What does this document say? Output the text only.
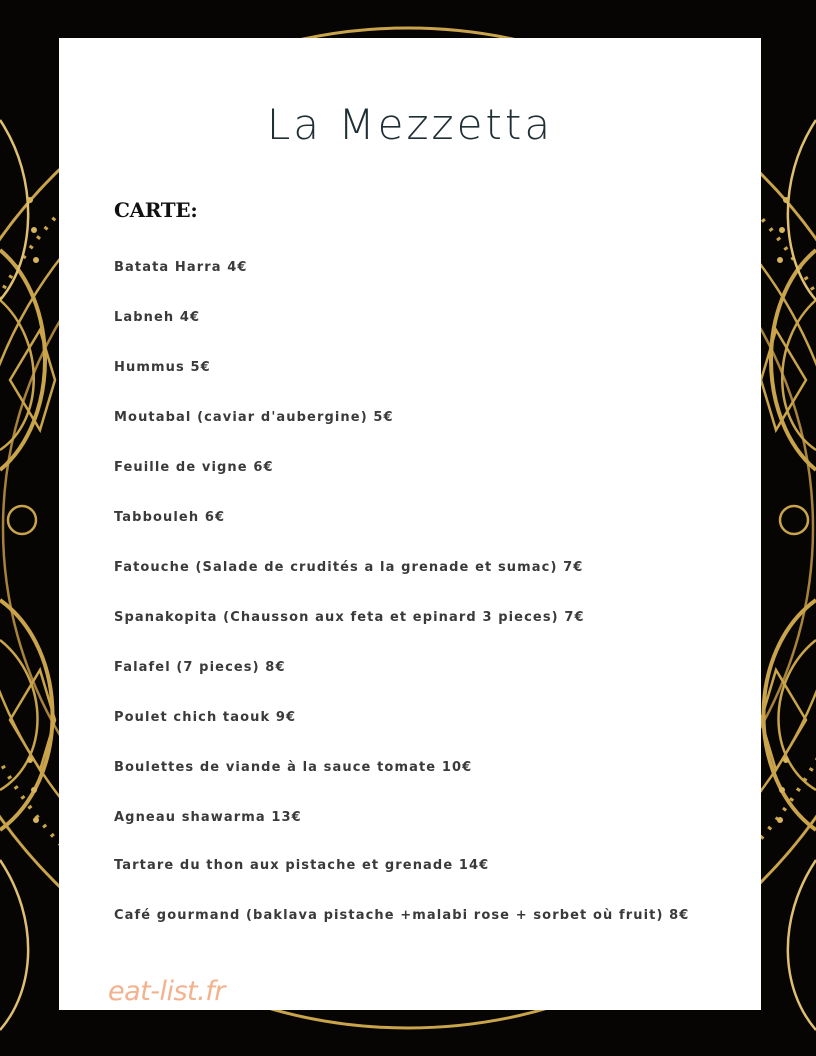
La Mezzetta
CARTE:
Batata Harra 4€
Labneh 4€
Hummus 5€
Moutabal (caviar d'aubergine) 5€
Feuille de vigne 6€
Tabbouleh 6€
Fatouche (Salade de crudités a la grenade et sumac) 7€
Spanakopita (Chausson aux feta et epinard 3 pieces) 7€
Falafel (7 pieces) 8€
Poulet chich taouk 9€
Boulettes de viande à la sauce tomate 10€
Agneau shawarma 13€
Tartare du thon aux pistache et grenade 14€
Café gourmand (baklava pistache +malabi rose + sorbet où fruit) 8€
eat-list.fr
